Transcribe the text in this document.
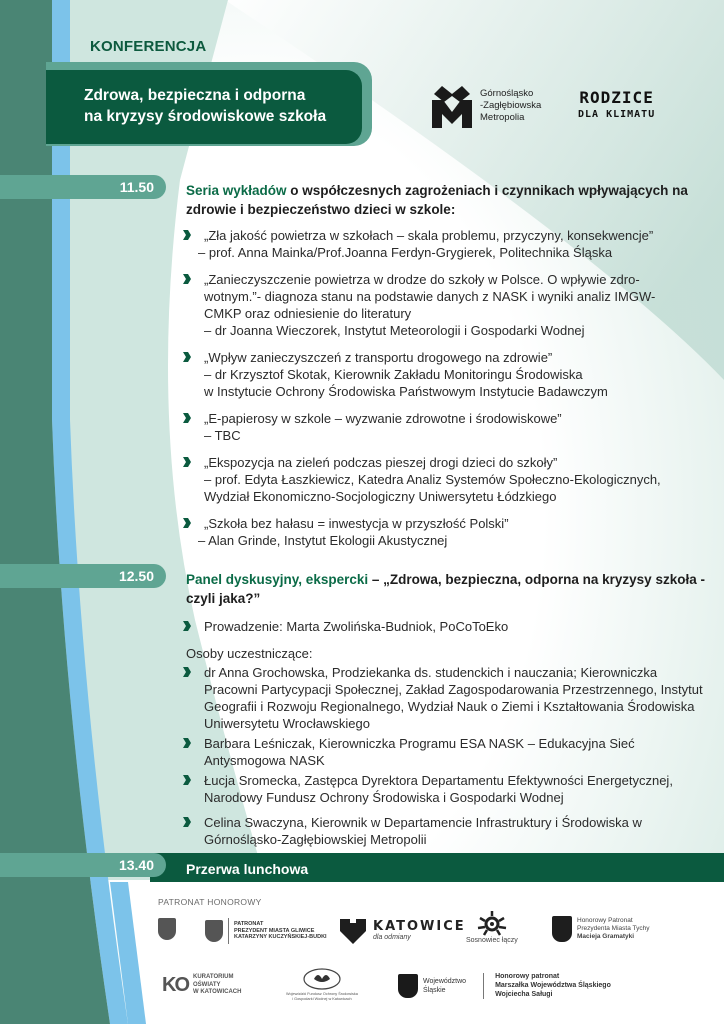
KONFERENCJA
Zdrowa, bezpieczna i odporna
na kryzysy środowiskowe szkoła
Górnośląsko
-Zagłębiowska
Metropolia
RODZICE
DLA KLIMATU
11.50
12.50
13.40	Przerwa lunchowa
Seria wykładów o współczesnych zagrożeniach i czynnikach wpływających na zdrowie i bezpieczeństwo dzieci w szkole:
„Zła jakość powietrza w szkołach – skala problemu, przyczyny, konsekwencje”
– prof. Anna Mainka/Prof.Joanna Ferdyn-Grygierek, Politechnika Śląska
„Zanieczyszczenie powietrza w drodze do szkoły w Polsce. O wpływie zdro-
wotnym.”- diagnoza stanu na podstawie danych z NASK i wyniki analiz IMGW-
CMKP oraz odniesienie do literatury
– dr Joanna Wieczorek, Instytut Meteorologii i Gospodarki Wodnej
„Wpływ zanieczyszczeń z transportu drogowego na zdrowie”
– dr Krzysztof Skotak, Kierownik Zakładu Monitoringu Środowiska
w Instytucie Ochrony Środowiska Państwowym Instytucie Badawczym
„E-papierosy w szkole – wyzwanie zdrowotne i środowiskowe”
– TBC
„Ekspozycja na zieleń podczas pieszej drogi dzieci do szkoły”
– prof. Edyta Łaszkiewicz, Katedra Analiz Systemów Społeczno-Ekologicznych,
Wydział Ekonomiczno-Socjologiczny Uniwersytetu Łódzkiego
„Szkoła bez hałasu = inwestycja w przyszłość Polski”
– Alan Grinde, Instytut Ekologii Akustycznej
Panel dyskusyjny, ekspercki – „Zdrowa, bezpieczna, odporna na kryzysy szkoła - czyli jaka?”
Prowadzenie: Marta Zwolińska-Budniok, PoCoToEko
Osoby uczestniczące:
dr Anna Grochowska, Prodziekanka ds. studenckich i nauczania; Kierowniczka Pracowni Partycypacji Społecznej, Zakład Zagospodarowania Przestrzennego, Instytut Geografii i Rozwoju Regionalnego, Wydział Nauk o Ziemi i Kształtowania Środowiska Uniwersytetu Wrocławskiego
Barbara Leśniczak, Kierowniczka Programu ESA NASK – Edukacyjna Sieć Antysmogowa NASK
Łucja Sromecka, Zastępca Dyrektora Departamentu Efektywności Energetycznej, Narodowy Fundusz Ochrony Środowiska i Gospodarki Wodnej
Celina Swaczyna, Kierownik w Departamencie Infrastruktury i Środowiska w Górnośląsko-Zagłębiowskiej Metropolii
PATRONAT HONOROWY
PATRONAT
PREZYDENT MIASTA GLIWICE
KATARZYNY KUCZYŃSKIEJ-BUDKI
KATOWICE
dla odmiany	Sosnowiec łączy
Honorowy Patronat
Prezydenta Miasta Tychy
Macieja Gramatyki
KO KURATORIUM
OŚWIATY
W KATOWICACH	Wojewódzki Fundusz Ochrony Środowiska
i Gospodarki Wodnej w Katowicach
Województwo
Śląskie
Honorowy patronat
Marszałka Województwa Śląskiego
Wojciecha Saługi
